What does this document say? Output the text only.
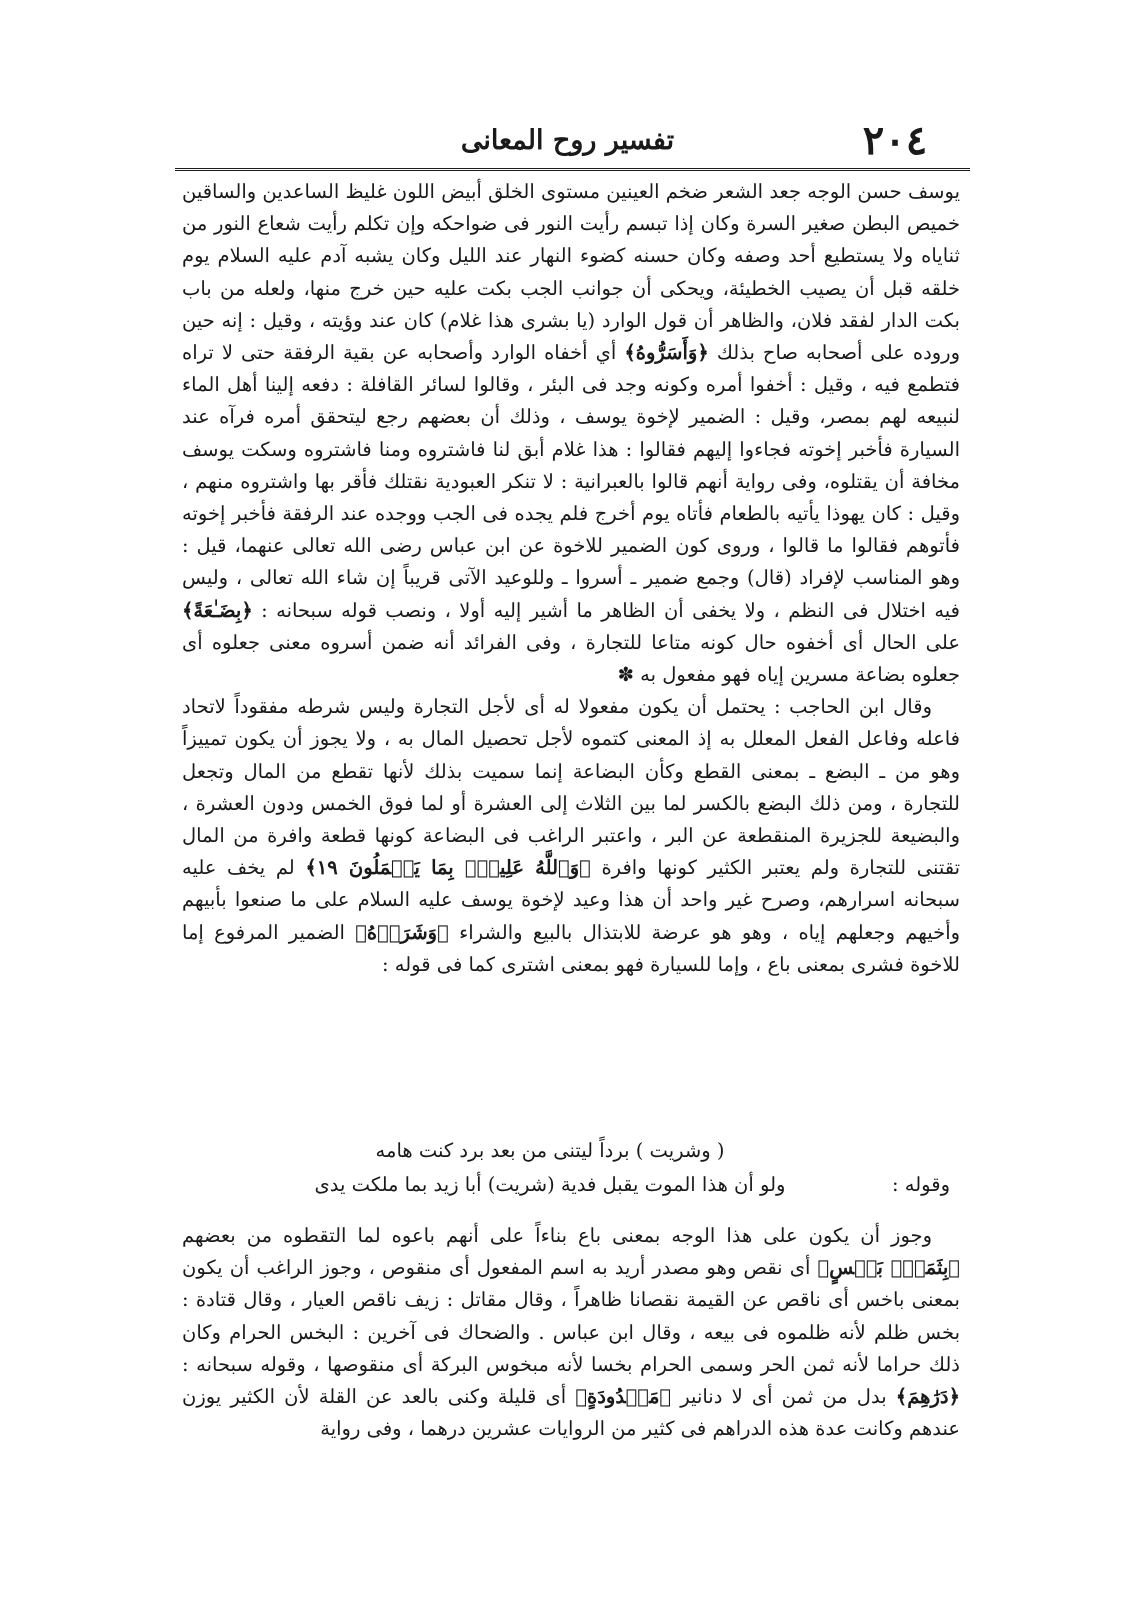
٢٠٤
تفسير روح المعانى

يوسف حسن الوجه جعد الشعر ضخم العينين مستوى الخلق أبيض اللون غليظ الساعدين والساقين خميص البطن صغير السرة وكان إذا تبسم رأيت النور فى ضواحكه وإن تكلم رأيت شعاع النور من ثناياه ولا يستطيع أحد وصفه وكان حسنه كضوء النهار عند الليل وكان يشبه آدم عليه السلام يوم خلقه قبل أن يصيب الخطيئة، ويحكى أن جوانب الجب بكت عليه حين خرج منها، ولعله من باب بكت الدار لفقد فلان، والظاهر أن قول الوارد (يا بشرى هذا غلام) كان عند وؤيته ، وقيل : إنه حين وروده على أصحابه صاح بذلك ﴿وَأَسَرُّوهُ﴾ أي أخفاه الوارد وأصحابه عن بقية الرفقة حتى لا تراه فتطمع فيه ، وقيل : أخفوا أمره وكونه وجد فى البئر ، وقالوا لسائر القافلة : دفعه إلينا أهل الماء لنبيعه لهم بمصر، وقيل : الضمير لإخوة يوسف ، وذلك أن بعضهم رجع ليتحقق أمره فرآه عند السيارة فأخبر إخوته فجاءوا إليهم فقالوا : هذا غلام أبق لنا فاشتروه ومنا فاشتروه وسكت يوسف مخافة أن يقتلوه، وفى رواية أنهم قالوا بالعبرانية : لا تنكر العبودية نقتلك فأقر بها واشتروه منهم ، وقيل : كان يهوذا يأتيه بالطعام فأتاه يوم أخرج فلم يجده فى الجب ووجده عند الرفقة فأخبر إخوته فأتوهم فقالوا ما قالوا ، وروى كون الضمير للاخوة عن ابن عباس رضى الله تعالى عنهما، قيل : وهو المناسب لإفراد (قال) وجمع ضمير ـ أسروا ـ وللوعيد الآتى قريباً إن شاء الله تعالى ، وليس فيه اختلال فى النظم ، ولا يخفى أن الظاهر ما أشير إليه أولا ، ونصب قوله سبحانه : ﴿بِضَـٰعَةً﴾ على الحال أى أخفوه حال كونه متاعا للتجارة ، وفى الفرائد أنه ضمن أسروه معنى جعلوه أى جعلوه بضاعة مسرين إياه فهو مفعول به ✽

وقال ابن الحاجب : يحتمل أن يكون مفعولا له أى لأجل التجارة وليس شرطه مفقوداً لاتحاد فاعله وفاعل الفعل المعلل به إذ المعنى كتموه لأجل تحصيل المال به ، ولا يجوز أن يكون تمييزاً وهو من ـ البضع ـ بمعنى القطع وكأن البضاعة إنما سميت بذلك لأنها تقطع من المال وتجعل للتجارة ، ومن ذلك البضع بالكسر لما بين الثلاث إلى العشرة أو لما فوق الخمس ودون العشرة ، والبضيعة للجزيرة المنقطعة عن البر ، واعتبر الراغب فى البضاعة كونها قطعة وافرة من المال تقتنى للتجارة ولم يعتبر الكثير كونها وافرة ﴿وَٱللَّهُ عَلِيمٌۢ بِمَا يَعۡمَلُونَ ١٩﴾ لم يخف عليه سبحانه اسرارهم، وصرح غير واحد أن هذا وعيد لإخوة يوسف عليه السلام على ما صنعوا بأبيهم وأخيهم وجعلهم إياه ، وهو هو عرضة للابتذال بالبيع والشراء ﴿وَشَرَوۡهُ﴾ الضمير المرفوع إما للاخوة فشرى بمعنى باع ، وإما للسيارة فهو بمعنى اشترى كما فى قوله :

( وشريت ) برداً ليتنى من بعد برد كنت هامه
وقوله :
ولو أن هذا الموت يقبل فدية (شريت) أبا زيد بما ملكت يدى

وجوز أن يكون على هذا الوجه بمعنى باع بناءاً على أنهم باعوه لما التقطوه من بعضهم ﴿بِثَمَنٍۭ بَخۡسٍ﴾ أى نقص وهو مصدر أريد به اسم المفعول أى منقوص ، وجوز الراغب أن يكون بمعنى باخس أى ناقص عن القيمة نقصانا ظاهراً ، وقال مقاتل : زيف ناقص العيار ، وقال قتادة : بخس ظلم لأنه ظلموه فى بيعه ، وقال ابن عباس . والضحاك فى آخرين : البخس الحرام وكان ذلك حراما لأنه ثمن الحر وسمى الحرام بخسا لأنه مبخوس البركة أى منقوصها ، وقوله سبحانه : ﴿دَرَٰهِمَ﴾ بدل من ثمن أى لا دنانير ﴿مَعۡدُودَةٍ﴾ أى قليلة وكنى بالعد عن القلة لأن الكثير يوزن عندهم وكانت عدة هذه الدراهم فى كثير من الروايات عشرين درهما ، وفى رواية
